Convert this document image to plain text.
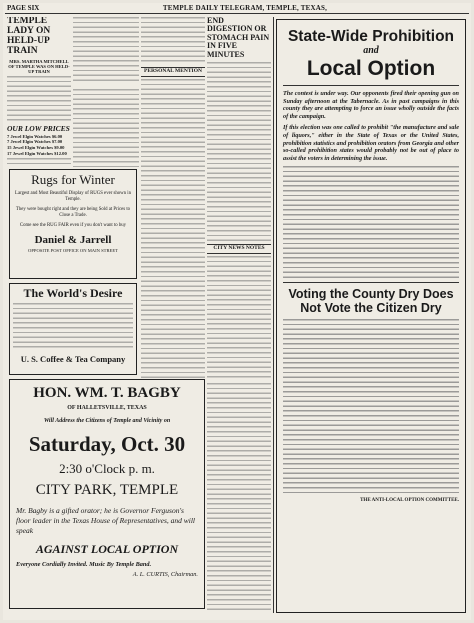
PAGE SIX	TEMPLE DAILY TELEGRAM, TEMPLE, TEXAS,
TEMPLE LADY ON HELD-UP TRAIN
MRS. MARTHA MITCHELL OF TEMPLE WAS ON HELD-UP TRAIN
OUR LOW PRICES
7 Jewel Elgin Watches $6.00
7 Jewel Elgin Watches $7.00
15 Jewel Elgin Watches $9.00
17 Jewel Elgin Watches $12.00

Rugs for Winter
Largest and Most Beautiful Display of RUGS ever shown in Temple.
They were bought right and they are being Sold at Prices to Close a Trade.
Come see the RUG FAIR even if you don't want to buy
Daniel & Jarrell
OPPOSITE POST OFFICE ON MAIN STREET
The World's Desire
U. S. Coffee & Tea Company
PERSONAL MENTION
END DIGESTION OR STOMACH PAIN IN FIVE MINUTES
CITY NEWS NOTES
HON. WM. T. BAGBY
OF HALLETSVILLE, TEXAS
Will Address the Citizens of Temple and Vicinity on
Saturday, Oct. 30
2:30 o'Clock p. m.
CITY PARK, TEMPLE
Mr. Bagby is a gifted orator; he is Governor Ferguson's floor leader in the Texas House of Representatives, and will speak
AGAINST LOCAL OPTION
Everyone Cordially Invited. Music By Temple Band.
A. L. CURTIS, Chairman.
State-Wide Prohibition
and
Local Option
The contest is under way. Our opponents fired their opening gun on Sunday afternoon at the Tabernacle. As in past campaigns in this county they are attempting to force an issue wholly outside the facts of the campaign.
If this election was one called to prohibit "the manufacture and sale of liquors," either in the State of Texas or the United States, prohibition statistics and prohibition orators from Georgia and other so-called prohibition states would probably not be out of place to assist the voters in determining the issue.
Voting the County Dry Does Not Vote the Citizen Dry
THE ANTI-LOCAL OPTION COMMITTEE.
